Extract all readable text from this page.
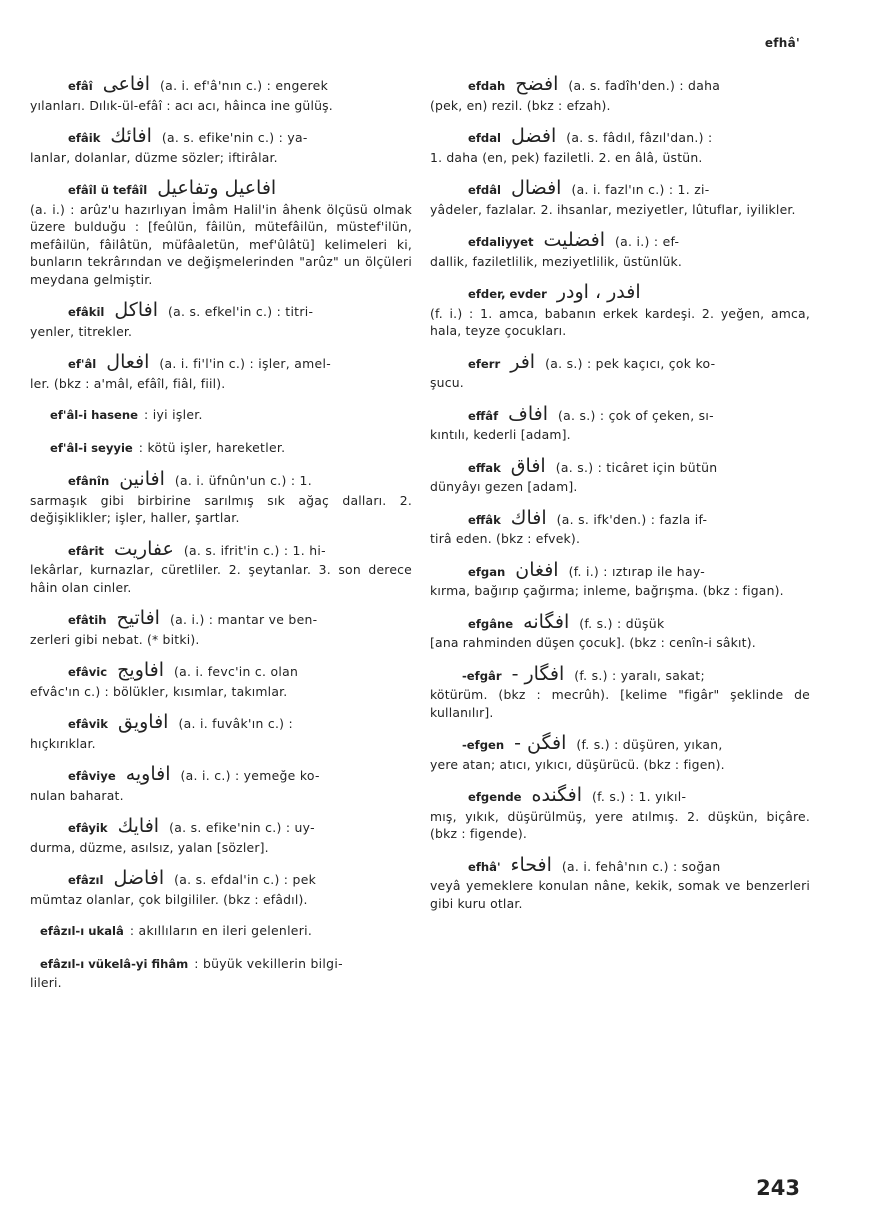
efhâ'
efâî افاعی (a. i. ef'â'nın c.) : engerek
yılanları. Dılık-ül-efâî : acı acı, hâinca ine gülüş.
efâik افائك (a. s. efike'nin c.) : ya-
lanlar, dolanlar, düzme sözler; iftirâlar.
efâîl ü tefâîl افاعيل وتفاعيل
(a. i.) : arûz'u hazırlıyan İmâm Halil'in âhenk ölçüsü olmak üzere bulduğu : [feûlün, fâilün, mütefâilün, müstef'ilün, mefâilün, fâilâtün, müfâaletün, mef'ûlâtü] kelimeleri ki, bunların tekrârından ve değişmelerinden "arûz" un ölçüleri meydana gelmiştir.
efâkil افاكل (a. s. efkel'in c.) : titri-
yenler, titrekler.
ef'âl افعال (a. i. fi'l'in c.) : işler, amel-
ler. (bkz : a'mâl, efâîl, fiâl, fiil).
ef'âl-i hasene : iyi işler.
ef'âl-i seyyie : kötü işler, hareketler.
efânîn افانين (a. i. üfnûn'un c.) : 1.
sarmaşık gibi birbirine sarılmış sık ağaç dalları. 2. değişiklikler; işler, haller, şartlar.
efârit عفاريت (a. s. ifrit'in c.) : 1. hi-
lekârlar, kurnazlar, cüretliler. 2. şeytanlar. 3. son derece hâin olan cinler.
efâtih افاتيح (a. i.) : mantar ve ben-
zerleri gibi nebat. (* bitki).
efâvic افاويج (a. i. fevc'in c. olan
efvâc'ın c.) : bölükler, kısımlar, takımlar.
efâvik افاويق (a. i. fuvâk'ın c.) :
hıçkırıklar.
efâviye افاويه (a. i. c.) : yemeğe ko-
nulan baharat.
efâyik افايك (a. s. efike'nin c.) : uy-
durma, düzme, asılsız, yalan [sözler].
efâzıl افاضل (a. s. efdal'in c.) : pek
mümtaz olanlar, çok bilgililer. (bkz : efâdıl).
efâzıl-ı ukalâ : akıllıların en ileri gelenleri.
efâzıl-ı vükelâ-yi fihâm : büyük vekillerin bilgi-
lileri.
efdah افضح (a. s. fadîh'den.) : daha
(pek, en) rezil. (bkz : efzah).
efdal افضل (a. s. fâdıl, fâzıl'dan.) :
1. daha (en, pek) faziletli. 2. en âlâ, üstün.
efdâl افضال (a. i. fazl'ın c.) : 1. zi-
yâdeler, fazlalar. 2. ihsanlar, meziyetler, lûtuflar, iyilikler.
efdaliyyet افضليت (a. i.) : ef-
dallik, faziletlilik, meziyetlilik, üstünlük.
efder, evder افدر ، اودر
(f. i.) : 1. amca, babanın erkek kardeşi. 2. yeğen, amca, hala, teyze çocukları.
eferr افر (a. s.) : pek kaçıcı, çok ko-
şucu.
effâf افاف (a. s.) : çok of çeken, sı-
kıntılı, kederli [adam].
effak افاق (a. s.) : ticâret için bütün
dünyâyı gezen [adam].
effâk افاك (a. s. ifk'den.) : fazla if-
tirâ eden. (bkz : efvek).
efgan افغان (f. i.) : ıztırap ile hay-
kırma, bağırıp çağırma; inleme, bağrışma. (bkz : figan).
efgâne افگانه (f. s.) : düşük
[ana rahminden düşen çocuk]. (bkz : cenîn-i sâkıt).
-efgâr افگار - (f. s.) : yaralı, sakat;
kötürüm. (bkz : mecrûh). [kelime "figâr" şeklinde de kullanılır].
-efgen افگن - (f. s.) : düşüren, yıkan,
yere atan; atıcı, yıkıcı, düşürücü. (bkz : figen).
efgende افگنده (f. s.) : 1. yıkıl-
mış, yıkık, düşürülmüş, yere atılmış. 2. düşkün, biçâre. (bkz : figende).
efhâ' افحاء (a. i. fehâ'nın c.) : soğan
veyâ yemeklere konulan nâne, kekik, somak ve benzerleri gibi kuru otlar.
243
